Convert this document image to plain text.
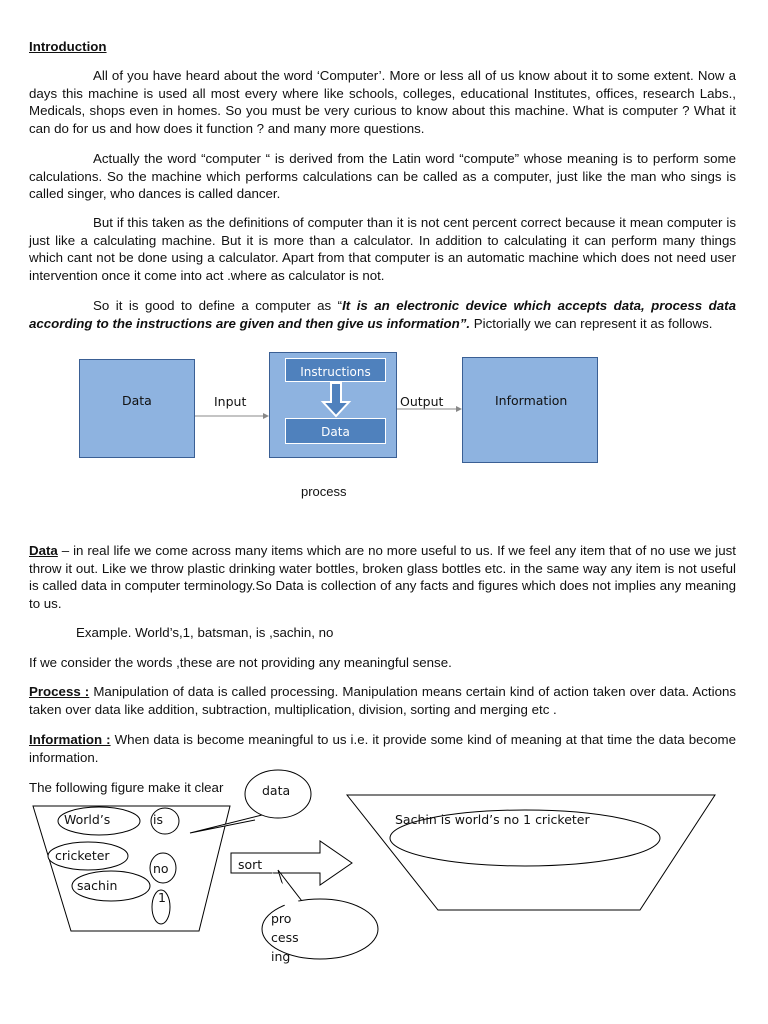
Introduction

All of you have heard about the word ‘Computer’. More or less all of us know about it to some extent. Now a days this machine is used all most every where like schools, colleges, educational Institutes, offices, research Labs., Medicals, shops even in homes. So you must be very curious to know about this machine. What is computer ? What it can do for us and how does it function ? and many more questions.

Actually the word “computer “ is derived from the Latin word “compute” whose meaning is to perform some calculations. So the machine which performs calculations can be called as a computer, just like the man who sings is called singer, who dances is called dancer.

But if this taken as the definitions of computer than it is not cent percent correct because it mean computer is just like a calculating machine. But it is more than a calculator. In addition to calculating it can perform many things which cant not be done using a calculator. Apart from that computer is an automatic machine which does not need user intervention once it come into act .where as calculator is not.

So it is good to define a computer as “It is an electronic device which accepts data, process data according to the instructions are given and then give us information”. Pictorially we can represent it as follows.

Data	Input
Instructions
Data
Output	Information
process

Data – in real life we come across many items which are no more useful to us. If we feel any item that of no use we just throw it out. Like we throw plastic drinking water bottles, broken glass bottles etc. in the same way any item is not useful is called data in computer terminology.So Data is collection of any facts and figures which does not implies any meaning to us.

Example. World’s,1, batsman, is ,sachin, no

If we consider the words ,these are not providing any meaningful sense.

Process : Manipulation of data is called processing. Manipulation means certain kind of action taken over data. Actions taken over data like addition, subtraction, multiplication, division, sorting and merging etc .

Information : When data is become meaningful to us i.e. it provide some kind of meaning at that time the data become information.

The following figure make it clear	data
World’s	is
cricketer
no
sachin
1
sort
pro
cess
ing
Sachin is world’s no 1 cricketer
